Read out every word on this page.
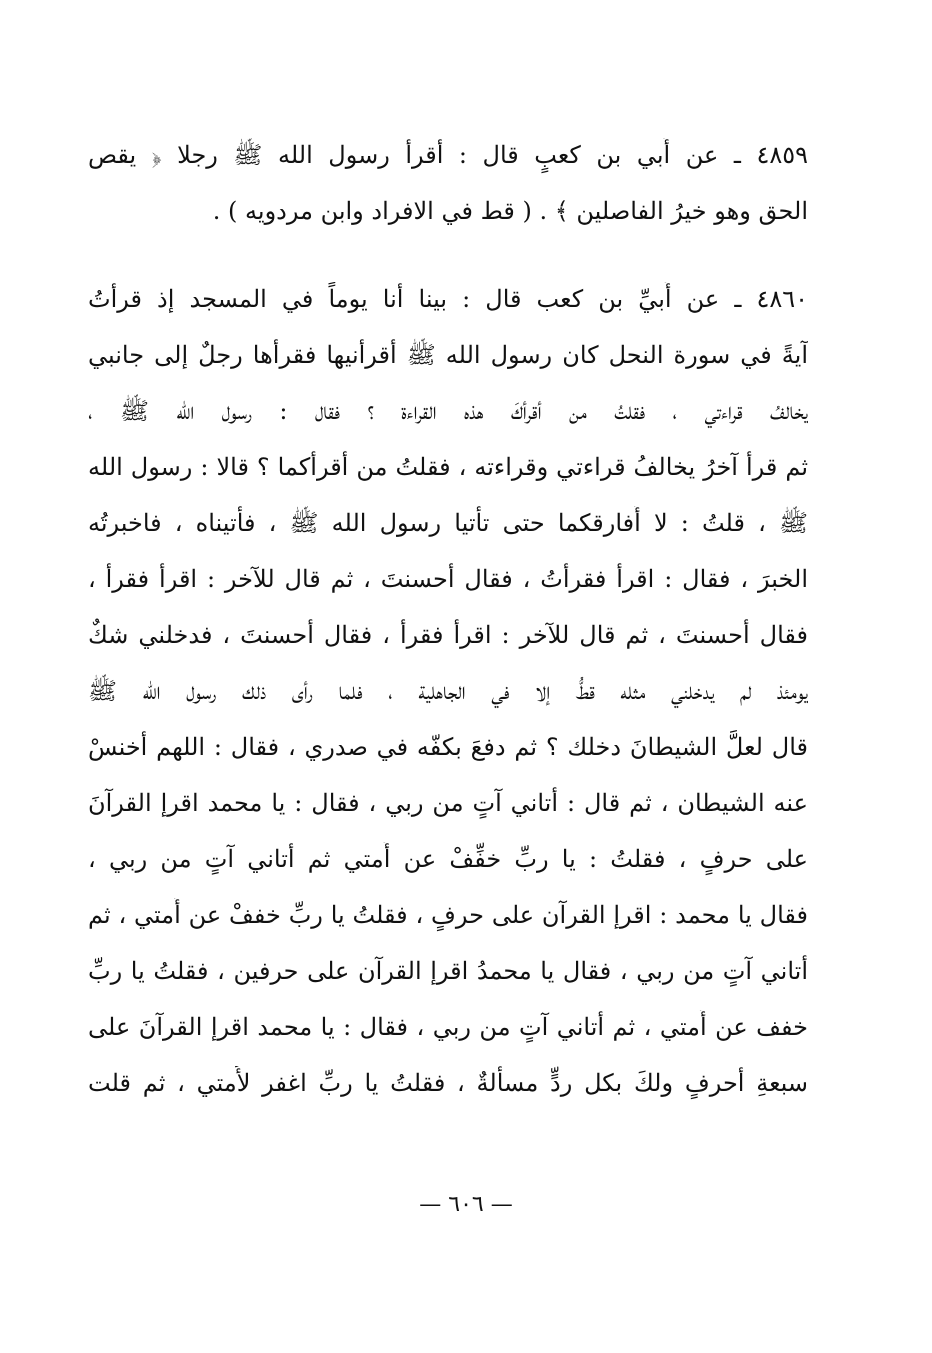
٤٨٥٩ ـ عن أُبي بن كعبٍ قال : أقرأ رسول الله ﷺ رجلا ﴿ يقص
الحق وهو خيرُ الفاصلين ﴾ . ( قط في الافراد وابن مردويه ) .
٤٨٦٠ ـ عن أُبيِّ بن كعب قال : بينا أنا يوماً في المسجد إذ قرأتُ
آيةً في سورة النحل كان رسول الله ﷺ أقرأنيها فقرأها رجلٌ إلى جانبي
يخالفُ قراءتي ، فقلتُ من أقرأكَ هذه القراءة ؟ فقال : رسول الله ﷺ ،
ثم قرأ آخرُ يخالفُ قراءتي وقراءته ، فقلتُ من أقرأكما ؟ قالا : رسول الله
ﷺ ، قلتُ : لا أُفارقكما حتى تأتيا رسول الله ﷺ ، فأتيناه ، فاخبرتُه
الخبرَ ، فقال : اقرأ فقرأتُ ، فقال أحسنتَ ، ثم قال للآخر : اقرأ فقرأ ،
فقال أحسنتَ ، ثم قال للآخر : اقرأ فقرأ ، فقال أحسنتَ ، فدخلني شكٌ
يومئذ لم يدخلني مثله قطُّ إلا في الجاهلية ، فلما رأى ذلك رسول الله ﷺ
قال لعلَّ الشيطانَ دخلك ؟ ثم دفعَ بكفّه في صدري ، فقال : اللهم أخنسْ
عنه الشيطان ، ثم قال : أتاني آتٍ من ربي ، فقال : يا محمد اقرإ القرآنَ
على حرفٍ ، فقلتُ : يا ربِّ خفِّفْ عن أُمتي ثم أتاني آتٍ من ربي ،
فقال يا محمد : اقرإ القرآن على حرفٍ ، فقلتُ يا ربِّ خففْ عن أُمتي ، ثم
أتاني آتٍ من ربي ، فقال يا محمدُ اقرإ القرآن على حرفين ، فقلتُ يا ربِّ
خفف عن أُمتي ، ثم أتاني آتٍ من ربي ، فقال : يا محمد اقرإ القرآنَ على
سبعةِ أحرفٍ ولكَ بكل ردٍّ مسألةٌ ، فقلتُ يا ربِّ اغفر لأُمتي ، ثم قلت
— ٦٠٦ —
